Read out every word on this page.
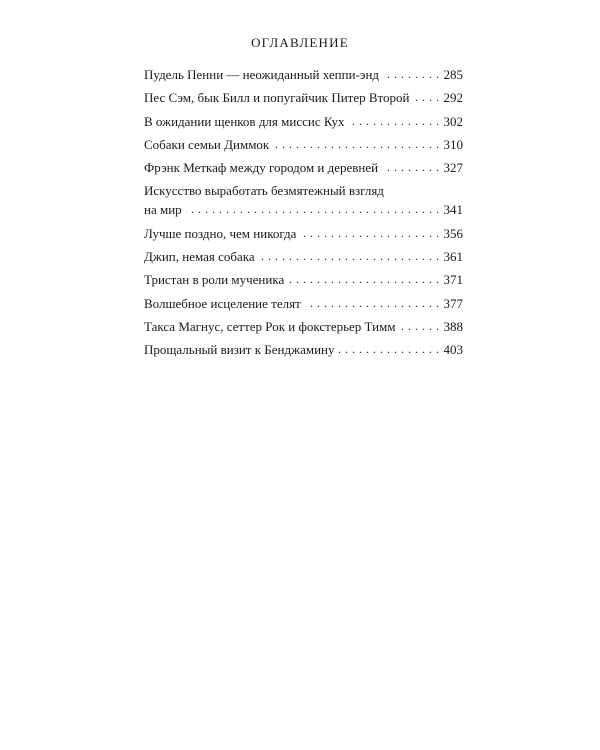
ОГЛАВЛЕНИЕ
Пудель Пенни — неожиданный хеппи-энд . . .	285
Пес Сэм, бык Билл и попугайчик Питер Второй . . .	292
В ожидании щенков для миссис Кух . . .	302
Собаки семьи Диммок . . .	310
Фрэнк Меткаф между городом и деревней . . .	327
Искусство выработать безмятежный взгляд
на мир . . .	341
Лучше поздно, чем никогда . . .	356
Джип, немая собака . . .	361
Тристан в роли мученика . . .	371
Волшебное исцеление телят . . .	377
Такса Магнус, сеттер Рок и фокстерьер Тимм . . .	388
Прощальный визит к Бенджамину . . .	403
